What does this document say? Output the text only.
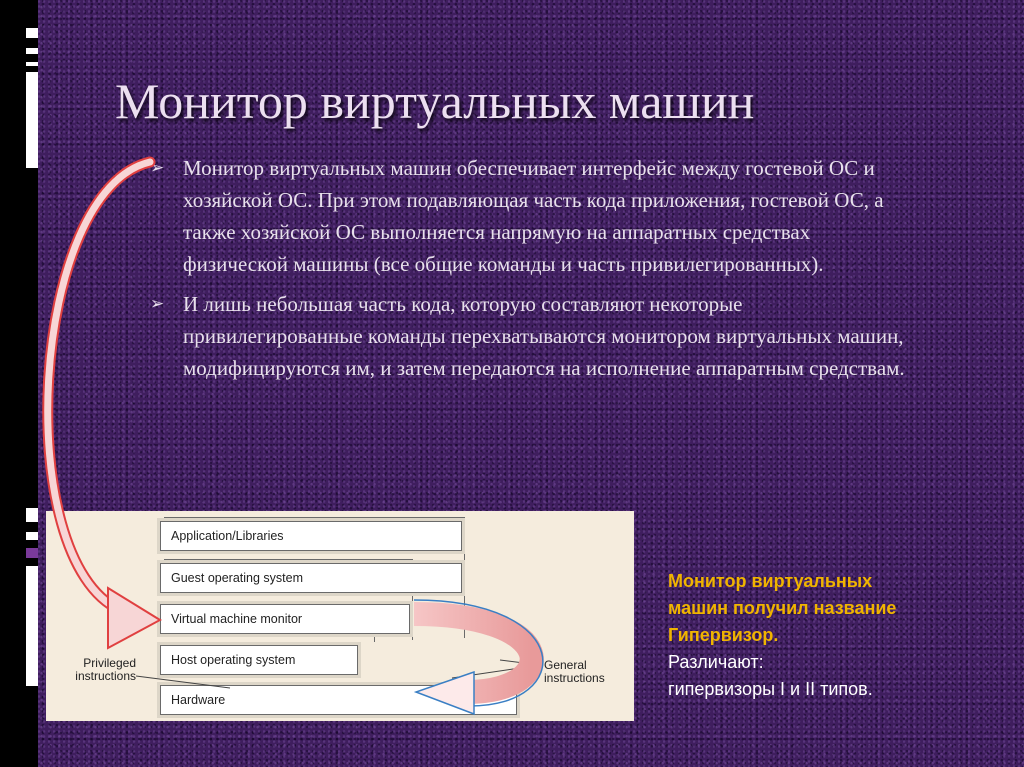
Монитор виртуальных машин
➢ Монитор виртуальных машин обеспечивает интерфейс между гостевой ОС и хозяйской ОС. При этом подавляющая часть кода приложения, гостевой ОС, а также хозяйской ОС выполняется напрямую на аппаратных средствах физической машины (все общие команды и часть привилегированных).
➢ И лишь небольшая часть кода, которую составляют некоторые привилегированные команды перехватываются монитором виртуальных машин, модифицируются им, и затем передаются на исполнение аппаратным средствам.
Application/Libraries
Guest operating system
Virtual machine monitor
Host operating system
Hardware
Privileged
instructions
General
instructions
Монитор виртуальных
машин получил название
Гипервизор.
Различают:
гипервизоры I и II типов.
